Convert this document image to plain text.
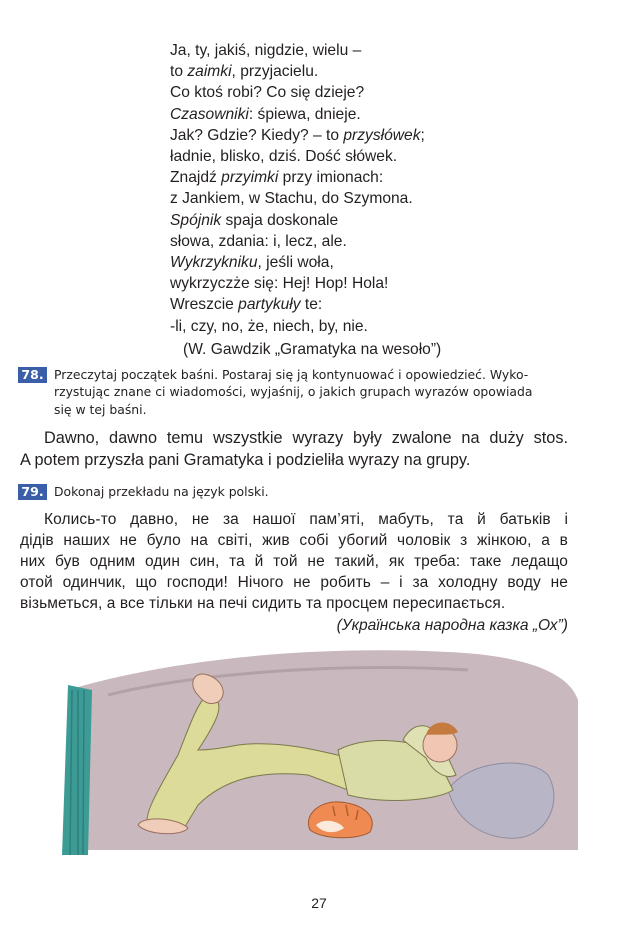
Ja, ty, jakiś, nigdzie, wielu –
to zaimki, przyjacielu.
Co ktoś robi? Co się dzieje?
Czasowniki: śpiewa, dnieje.
Jak? Gdzie? Kiedy? – to przysłówek;
ładnie, blisko, dziś. Dość słówek.
Znajdź przyimki przy imionach:
z Jankiem, w Stachu, do Szymona.
Spójnik spaja doskonale
słowa, zdania: i, lecz, ale.
Wykrzykniku, jeśli woła,
wykrzyczże się: Hej! Hop! Hola!
Wreszcie partykuły te:
-li, czy, no, że, niech, by, nie.
(W. Gawdzik „Gramatyka na wesoło”)
78. Przeczytaj początek baśni. Postaraj się ją kontynuować i opowiedzieć. Wyko-
rzystując znane ci wiadomości, wyjaśnij, o jakich grupach wyrazów opowiada
się w tej baśni.
Dawno, dawno temu wszystkie wyrazy były zwalone na duży stos.
A potem przyszła pani Gramatyka i podzieliła wyrazy na grupy.
79. Dokonaj przekładu na język polski.
Колись-то давно, не за нашої пам’яті, мабуть, та й батьків і
дідів наших не було на світі, жив собі убогий чоловік з жінкою, а в
них був одним один син, та й той не такий, як треба: таке ледащо
отой одинчик, що господи! Нічого не робить – і за холодну воду не
візьметься, а все тільки на печі сидить та просцем пересипається.
(Українська народна казка „Ох”)
27
